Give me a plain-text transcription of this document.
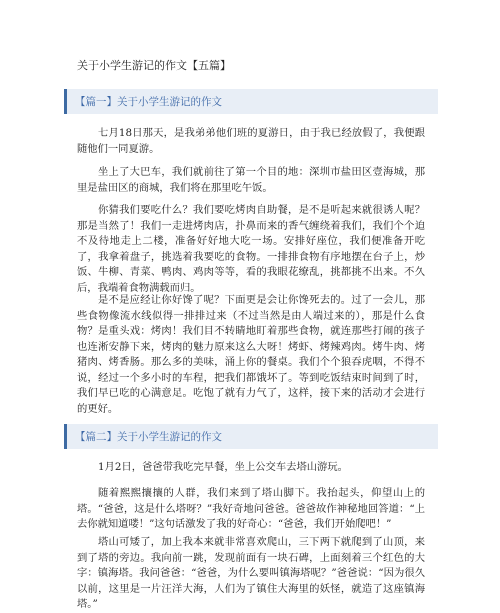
关于小学生游记的作文【五篇】
【篇一】关于小学生游记的作文

七月18日那天，是我弟弟他们班的夏游日，由于我已经放假了，我便跟随他们一同夏游。

坐上了大巴车，我们就前往了第一个目的地：深圳市盐田区壹海城，那里是盐田区的商城，我们将在那里吃午饭。

你猜我们要吃什么？我们要吃烤肉自助餐，是不是听起来就很诱人呢？那是当然了！我们一走进烤肉店，扑鼻而来的香气缠绕着我们，我们个个迫不及待地走上二楼，准备好好地大吃一场。安排好座位，我们便准备开吃了，我拿着盘子，挑选着我要吃的食物。一排排食物有序地摆在台子上，炒饭、牛柳、青菜、鸭肉、鸡肉等等，看的我眼花缭乱，挑都挑不出来。不久后，我端着食物满载而归。

是不是应经让你好馋了呢？下面更是会让你馋死去的。过了一会儿，那些食物像流水线似得一排排过来（不过当然是由人端过来的），那是什么食物？是重头戏：烤肉！我们目不转睛地盯着那些食物，就连那些打闹的孩子也连淅安静下来，烤肉的魅力原来这么大呀！烤虾、烤辣鸡肉。烤牛肉、烤猪肉、烤香肠。那么多的美味，涌上你的餐桌。我们个个狼吞虎咽，不得不说，经过一个多小时的车程，把我们都饿坏了。等到吃饭结束时间到了时，我们早已吃的心满意足。吃饱了就有力气了，这样，接下来的活动才会进行的更好。

【篇二】关于小学生游记的作文

1月2日，爸爸带我吃完早餐，坐上公交车去塔山游玩。

随着熙熙攘攘的人群，我们来到了塔山脚下。我抬起头，仰望山上的塔。“爸爸，这是什么塔呀？”我好奇地问爸爸。爸爸故作神秘地回答道：“上去你就知道喽！”这句话激发了我的好奇心：“爸爸，我们开始爬吧！”

塔山可矮了，加上我本来就非常喜欢爬山，三下两下就爬到了山顶，来到了塔的旁边。我向前一跳，发现前面有一块石碑，上面刻着三个红色的大字：镇海塔。我问爸爸：“爸爸，为什么要叫镇海塔呢？”爸爸说：“因为很久以前，这里是一片汪洋大海，人们为了镇住大海里的妖怪，就造了这座镇海塔。”
